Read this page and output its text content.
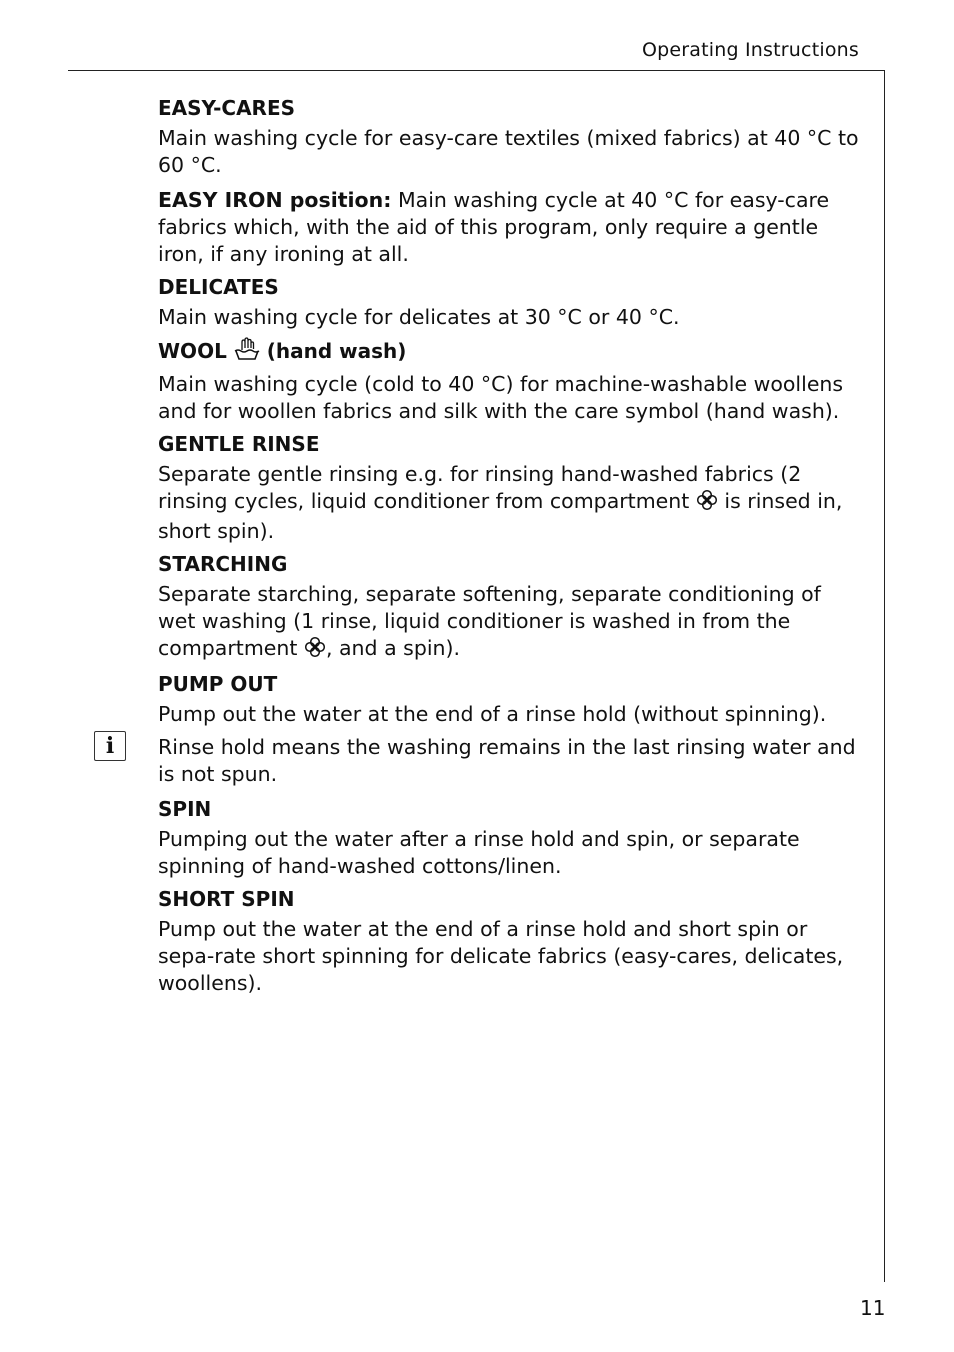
Operating Instructions
EASY-CARES

Main washing cycle for easy-care textiles (mixed fabrics) at 40 °C to 60 °C.

EASY IRON position: Main washing cycle at 40 °C for easy-care fabrics which, with the aid of this program, only require a gentle iron, if any ironing at all.

DELICATES

Main washing cycle for delicates at 30 °C or 40 °C.

WOOL (hand wash)

Main washing cycle (cold to 40 °C) for machine-washable woollens and for woollen fabrics and silk with the care symbol (hand wash).

GENTLE RINSE

Separate gentle rinsing e.g. for rinsing hand-washed fabrics (2 rinsing cycles, liquid conditioner from compartment  is rinsed in, short spin).

STARCHING

Separate starching, separate softening, separate conditioning of wet washing (1 rinse, liquid conditioner is washed in from the compartment , and a spin).

PUMP OUT

Pump out the water at the end of a rinse hold (without spinning).

i	Rinse hold means the washing remains in the last rinsing water and is not spun.

SPIN

Pumping out the water after a rinse hold and spin, or separate spinning of hand-washed cottons/linen.

SHORT SPIN

Pump out the water at the end of a rinse hold and short spin or sepa-rate short spinning for delicate fabrics (easy-cares, delicates, woollens).

11
